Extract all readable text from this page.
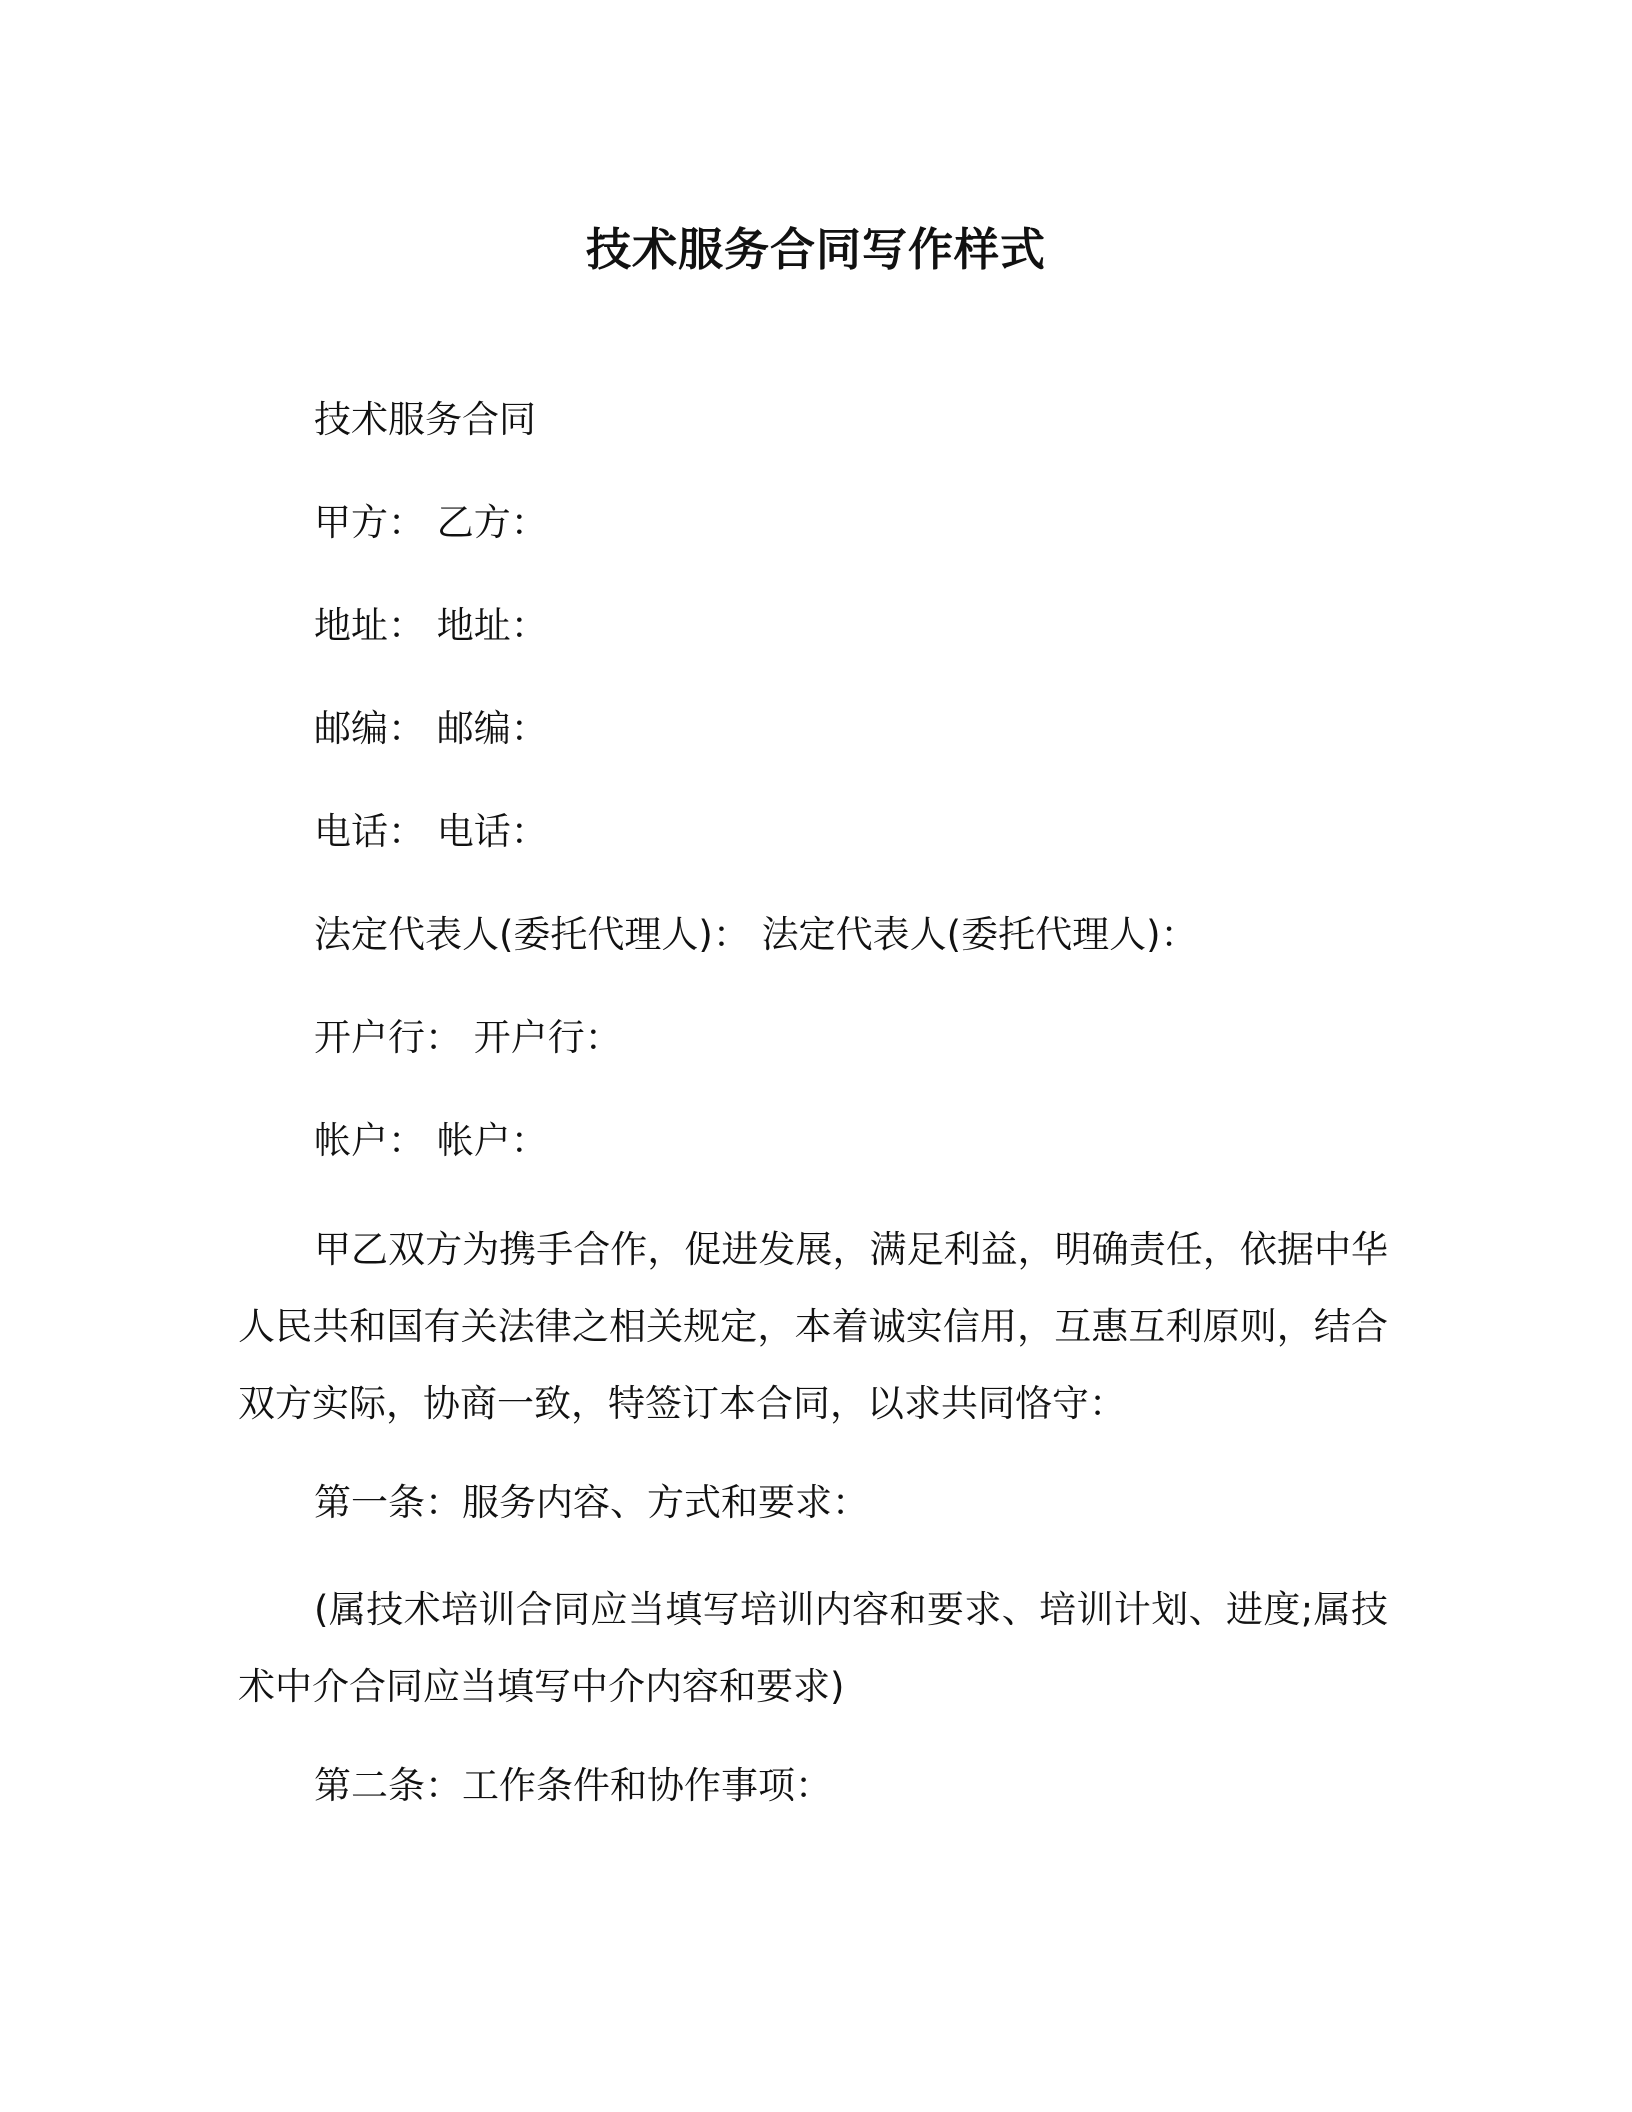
技术服务合同写作样式

技术服务合同

甲方： 乙方：

地址： 地址：

邮编： 邮编：

电话： 电话：

法定代表人(委托代理人)： 法定代表人(委托代理人)：

开户行： 开户行：

帐户： 帐户：

甲乙双方为携手合作，促进发展，满足利益，明确责任，依据中华人民共和国有关法律之相关规定，本着诚实信用，互惠互利原则，结合双方实际，协商一致，特签订本合同，以求共同恪守：

第一条：服务内容、方式和要求：

(属技术培训合同应当填写培训内容和要求、培训计划、进度;属技术中介合同应当填写中介内容和要求)

第二条：工作条件和协作事项：
